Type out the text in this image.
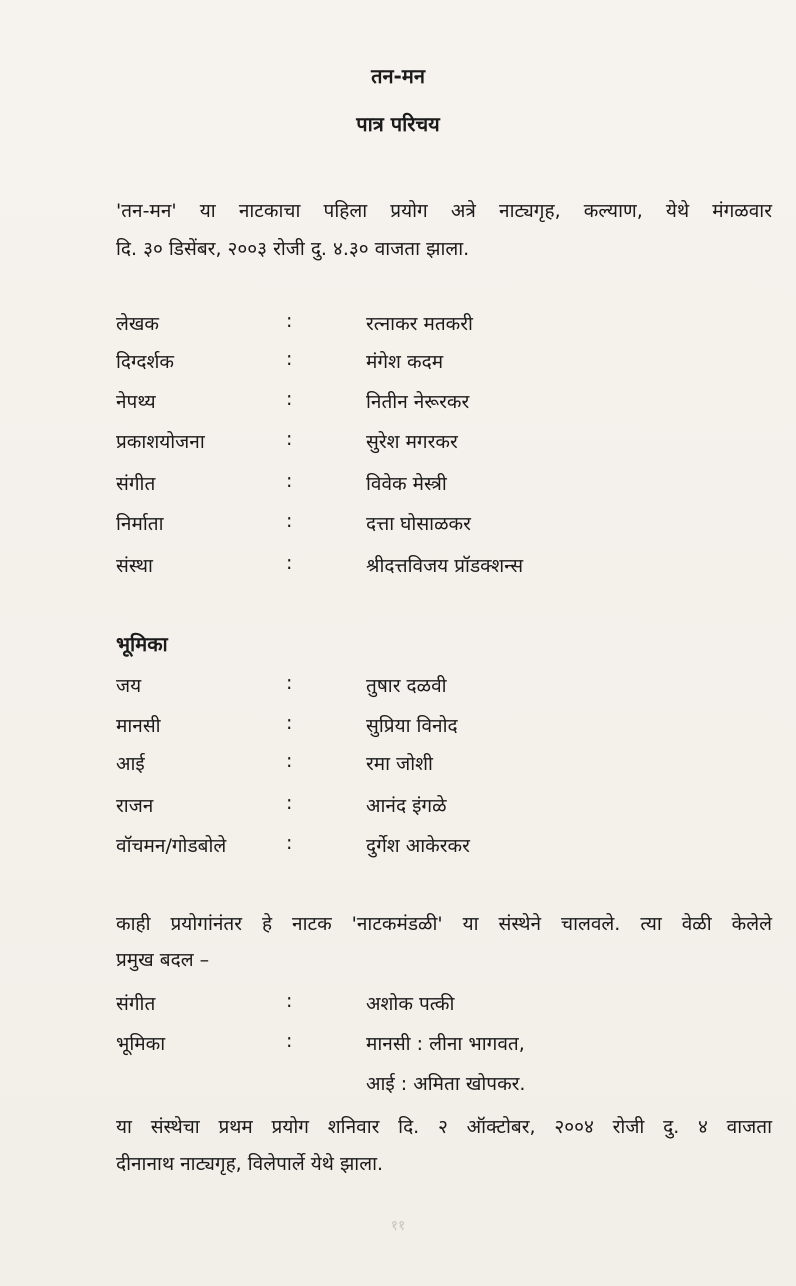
तन-मन
पात्र परिचय

'तन-मन' या नाटकाचा पहिला प्रयोग अत्रे नाट्यगृह, कल्याण, येथे मंगळवार

दि. ३० डिसेंबर, २००३ रोजी दु. ४.३० वाजता झाला.

लेखक	:	रत्नाकर मतकरी
दिग्दर्शक	:	मंगेश कदम
नेपथ्य	:	नितीन नेरूरकर
प्रकाशयोजना	:	सुरेश मगरकर
संगीत	:	विवेक मेस्त्री
निर्माता	:	दत्ता घोसाळकर
संस्था	:	श्रीदत्तविजय प्रॉडक्शन्स
भूमिका
जय	:	तुषार दळवी
मानसी	:	सुप्रिया विनोद
आई	:	रमा जोशी
राजन	:	आनंद इंगळे
वॉचमन/गोडबोले	:	दुर्गेश आकेरकर
काही प्रयोगांनंतर हे नाटक 'नाटकमंडळी' या संस्थेने चालवले. त्या वेळी केलेले
प्रमुख बदल –
संगीत	:	अशोक पत्की
भूमिका	:	मानसी : लीना भागवत,
आई : अमिता खोपकर.
या संस्थेचा प्रथम प्रयोग शनिवार दि. २ ऑक्टोबर, २००४ रोजी दु. ४ वाजता
दीनानाथ नाट्यगृह, विलेपार्ले येथे झाला.
११
